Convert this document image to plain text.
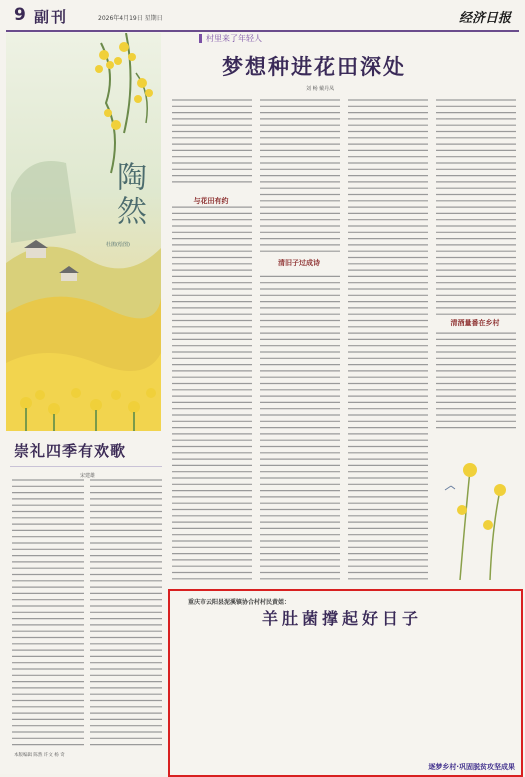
9 副刊	2026年4月19日 星期日	经济日报
陶然
杜鹃(绘图)
村里来了年轻人
梦想种进花田深处
刘 畅 戴丹凤

与花田有约
清旧子过成诗
清酒量番在乡村
崇礼四季有欢歌
宋建雄
本版编辑 陈然 许文 杨 奇
重庆市云阳县泥溪镇协合村村民黄姐：
羊肚菌撑起好日子
逐梦乡村·巩固脱贫攻坚成果
